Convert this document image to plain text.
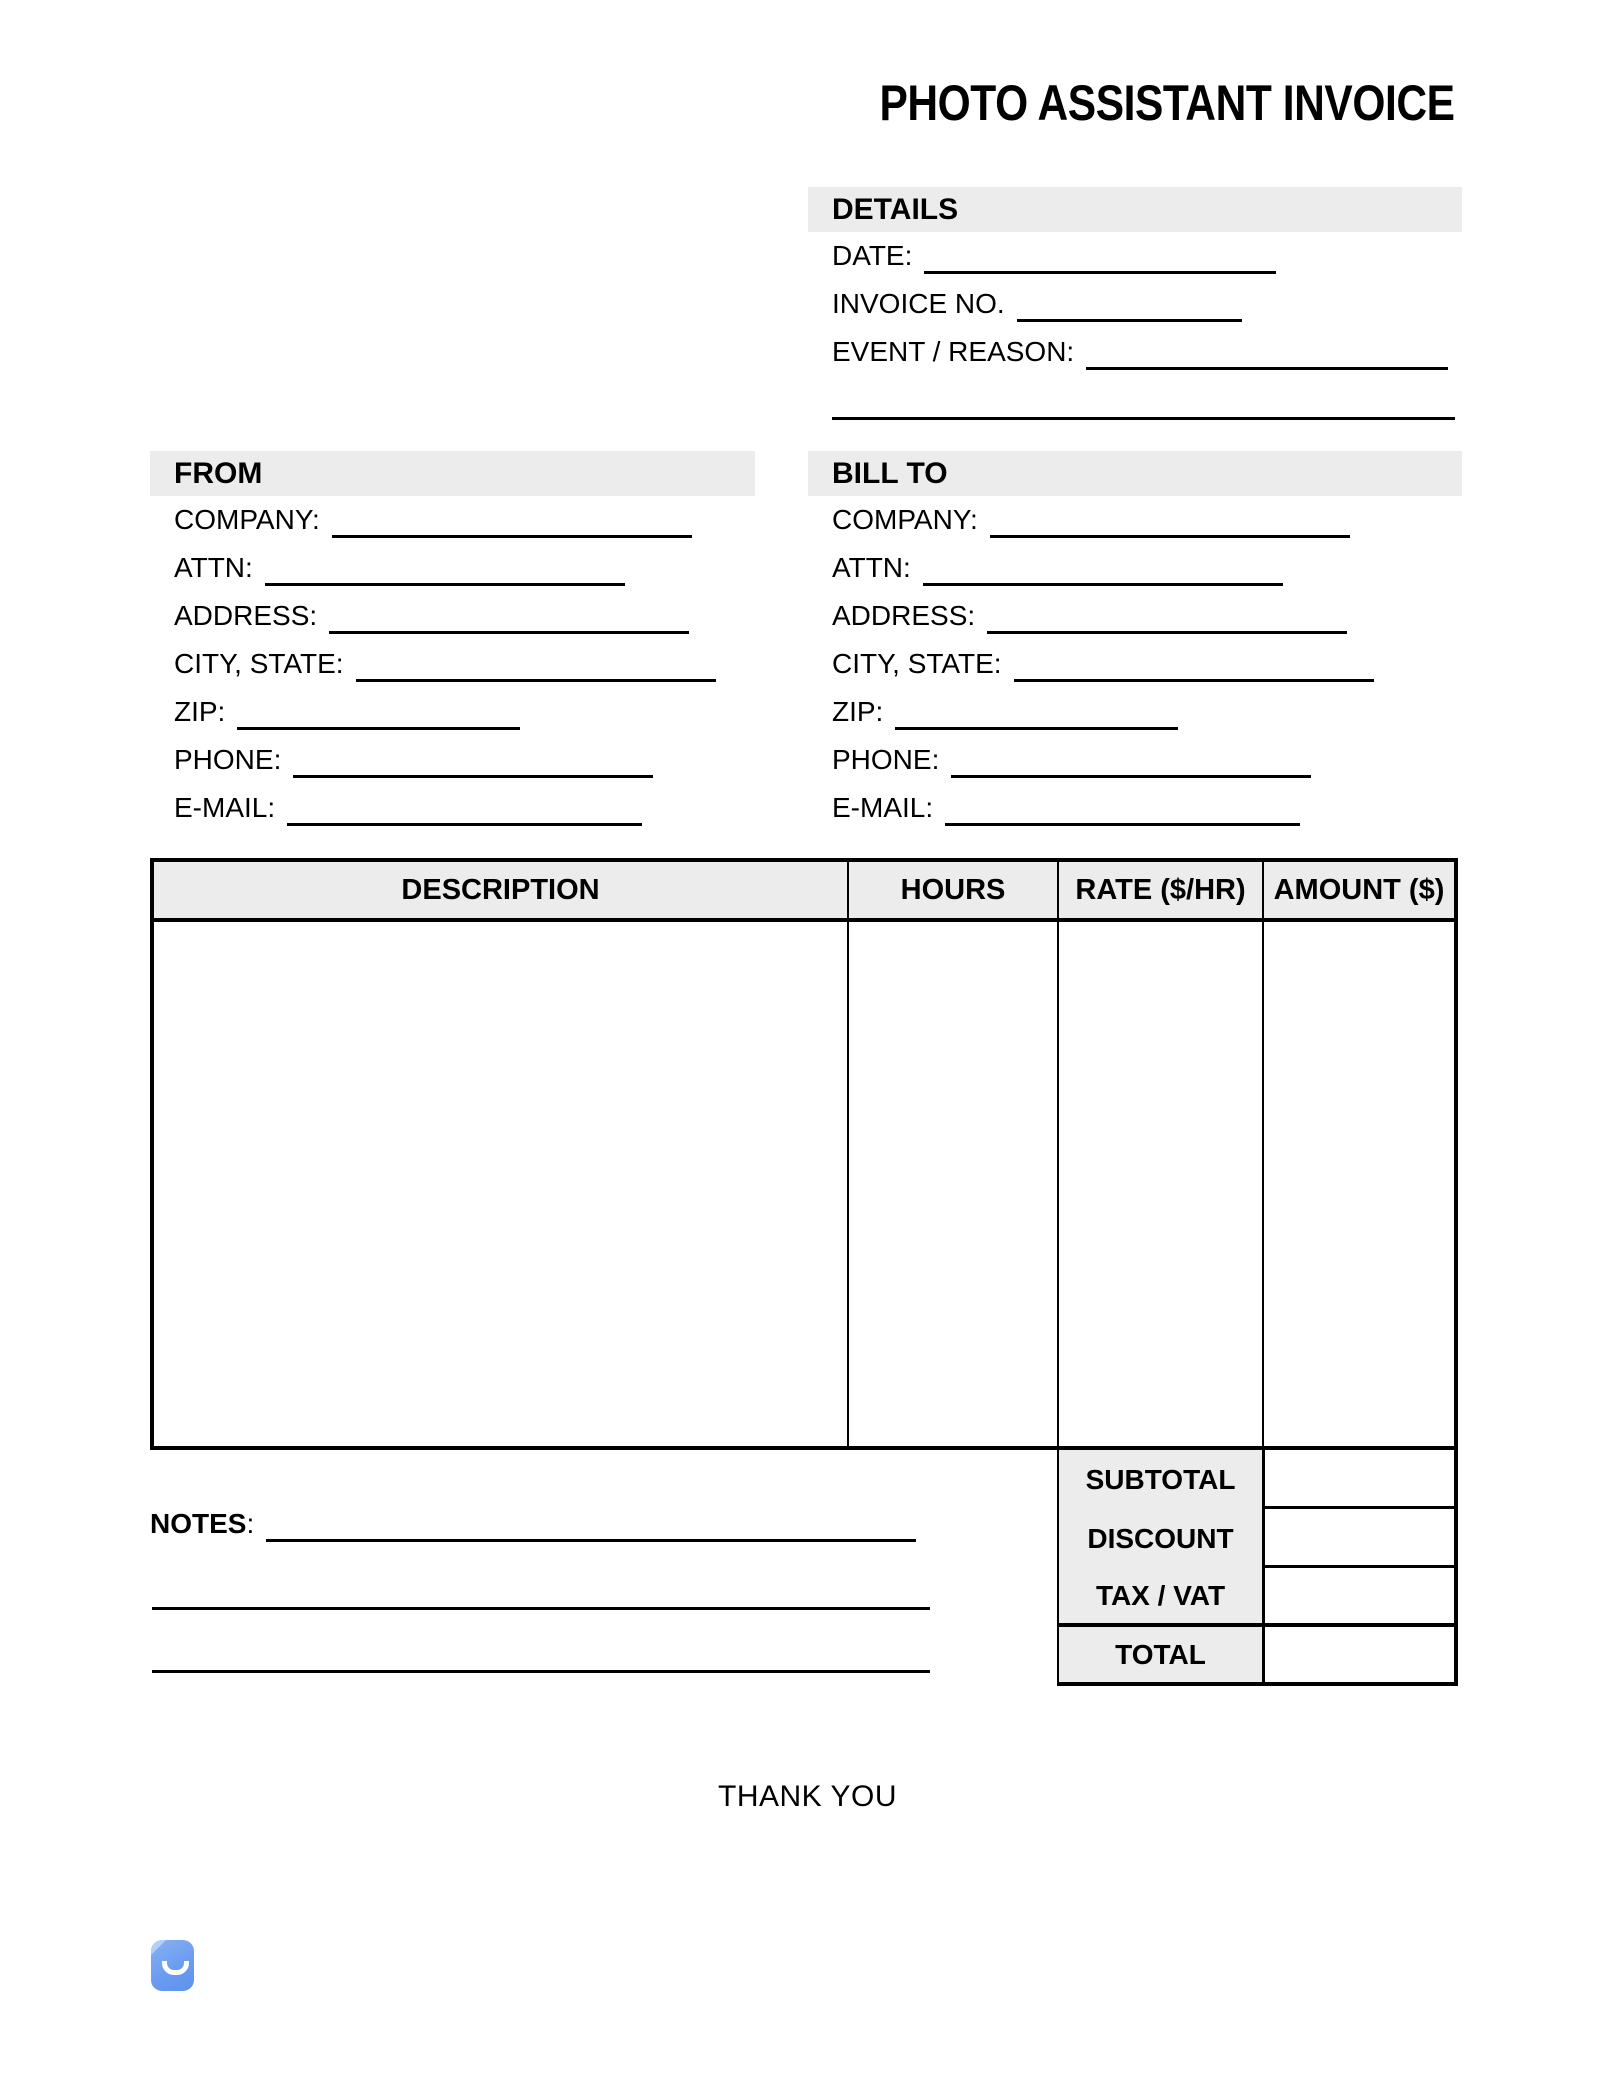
PHOTO ASSISTANT INVOICE
DETAILS
DATE:
INVOICE NO.
EVENT / REASON:
FROM
COMPANY:
ATTN:
ADDRESS:
CITY, STATE:
ZIP:
PHONE:
E-MAIL:
BILL TO
COMPANY:
ATTN:
ADDRESS:
CITY, STATE:
ZIP:
PHONE:
E-MAIL:
DESCRIPTION	HOURS	RATE ($/HR) AMOUNT ($)
SUBTOTAL
DISCOUNT
TAX / VAT
TOTAL
NOTES:
THANK YOU
